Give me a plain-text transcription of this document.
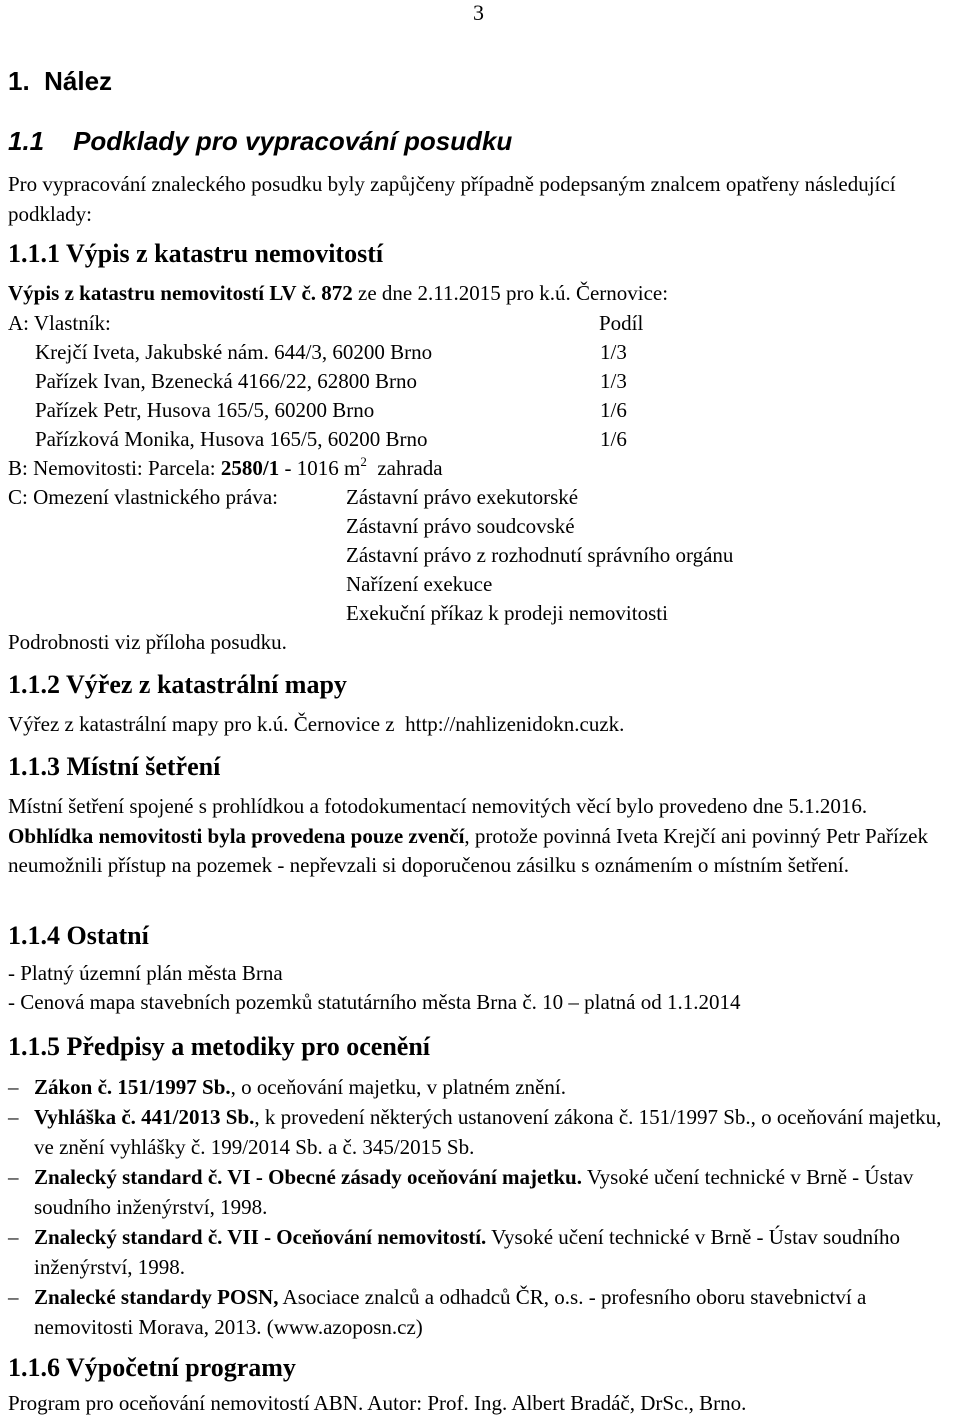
3
1. Nález
1.1 Podklady pro vypracování posudku
Pro vypracování znaleckého posudku byly zapůjčeny případně podepsaným znalcem opatřeny následující podklady:
1.1.1 Výpis z katastru nemovitostí
Výpis z katastru nemovitostí LV č. 872 ze dne 2.11.2015 pro k.ú. Černovice:
A: Vlastník:	Podíl
Krejčí Iveta, Jakubské nám. 644/3, 60200 Brno	1/3
Pařízek Ivan, Bzenecká 4166/22, 62800 Brno	1/3
Pařízek Petr, Husova 165/5, 60200 Brno	1/6
Pařízková Monika, Husova 165/5, 60200 Brno	1/6
B: Nemovitosti: Parcela: 2580/1 - 1016 $m^2$ zahrada
C: Omezení vlastnického práva:	Zástavní právo exekutorské
Zástavní právo soudcovské
Zástavní právo z rozhodnutí správního orgánu
Nařízení exekuce
Exekuční příkaz k prodeji nemovitosti
Podrobnosti viz příloha posudku.
1.1.2 Výřez z katastrální mapy
Výřez z katastrální mapy pro k.ú. Černovice z http://nahlizenidokn.cuzk.
1.1.3 Místní šetření
Místní šetření spojené s prohlídkou a fotodokumentací nemovitých věcí bylo provedeno dne 5.1.2016. Obhlídka nemovitosti byla provedena pouze zvenčí, protože povinná Iveta Krejčí ani povinný Petr Pařízek neumožnili přístup na pozemek - nepřevzali si doporučenou zásilku s oznámením o místním šetření.
1.1.4 Ostatní
- Platný územní plán města Brna
- Cenová mapa stavebních pozemků statutárního města Brna č. 10 – platná od 1.1.2014
1.1.5 Předpisy a metodiky pro ocenění
– Zákon č. 151/1997 Sb., o oceňování majetku, v platném znění.
– Vyhláška č. 441/2013 Sb., k provedení některých ustanovení zákona č. 151/1997 Sb., o oceňování majetku, ve znění vyhlášky č. 199/2014 Sb. a č. 345/2015 Sb.
– Znalecký standard č. VI - Obecné zásady oceňování majetku. Vysoké učení technické v Brně - Ústav soudního inženýrství, 1998.
– Znalecký standard č. VII - Oceňování nemovitostí. Vysoké učení technické v Brně - Ústav soudního inženýrství, 1998.
– Znalecké standardy POSN, Asociace znalců a odhadců ČR, o.s. - profesního oboru stavebnictví a nemovitosti Morava, 2013. (www.azoposn.cz)
1.1.6 Výpočetní programy
Program pro oceňování nemovitostí ABN. Autor: Prof. Ing. Albert Bradáč, DrSc., Brno.
